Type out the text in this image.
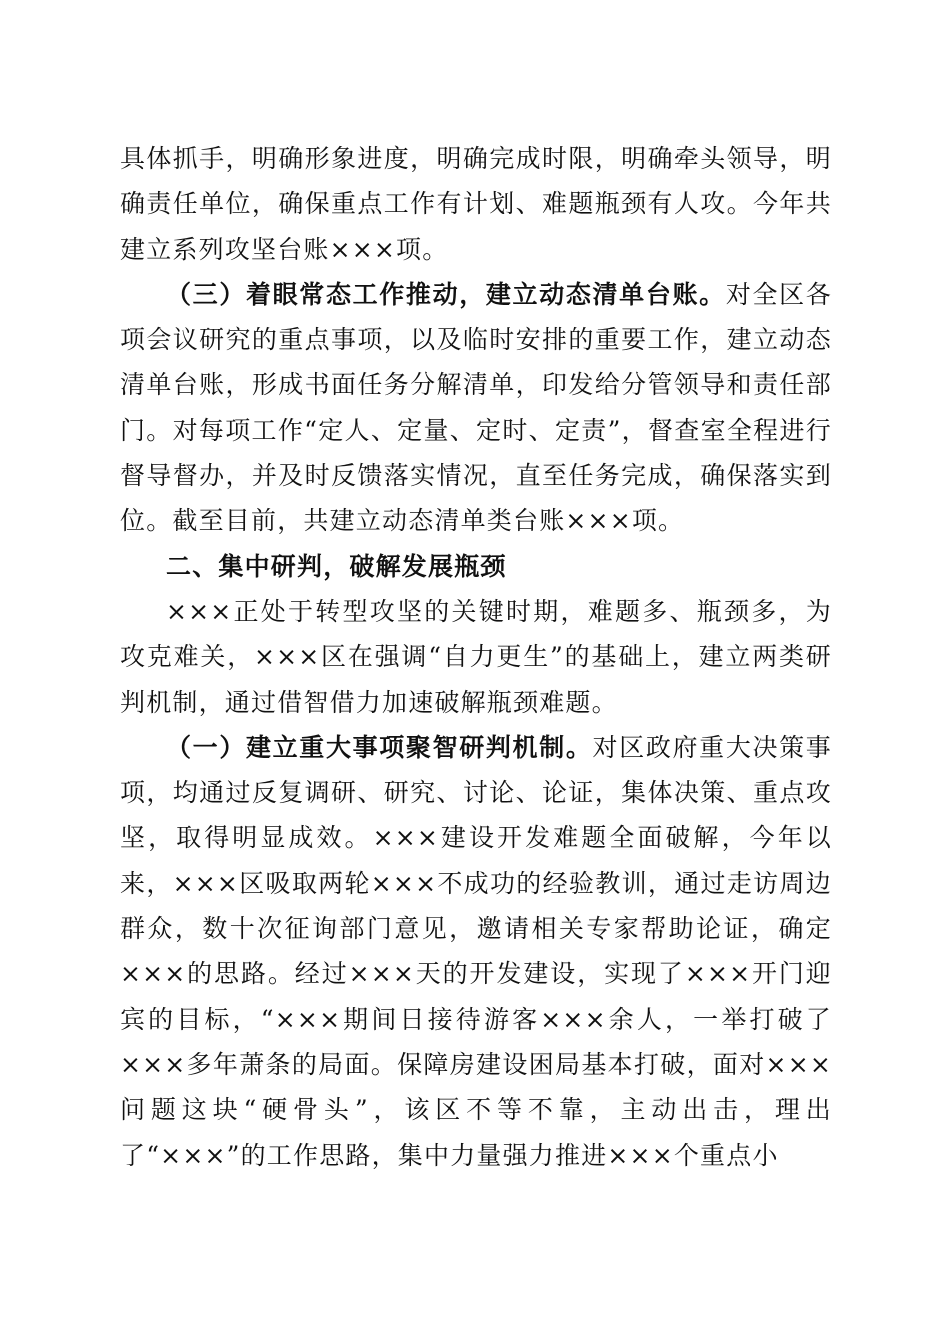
具体抓手，明确形象进度，明确完成时限，明确牵头领导，明确责任单位，确保重点工作有计划、难题瓶颈有人攻。今年共建立系列攻坚台账×××项。

（三）着眼常态工作推动，建立动态清单台账。对全区各项会议研究的重点事项，以及临时安排的重要工作，建立动态清单台账，形成书面任务分解清单，印发给分管领导和责任部门。对每项工作“定人、定量、定时、定责”，督查室全程进行督导督办，并及时反馈落实情况，直至任务完成，确保落实到位。截至目前，共建立动态清单类台账×××项。

二、集中研判，破解发展瓶颈

×××正处于转型攻坚的关键时期，难题多、瓶颈多，为攻克难关，×××区在强调“自力更生”的基础上，建立两类研判机制，通过借智借力加速破解瓶颈难题。

（一）建立重大事项聚智研判机制。对区政府重大决策事项，均通过反复调研、研究、讨论、论证，集体决策、重点攻坚，取得明显成效。×××建设开发难题全面破解，今年以来，×××区吸取两轮×××不成功的经验教训，通过走访周边群众，数十次征询部门意见，邀请相关专家帮助论证，确定×××的思路。经过×××天的开发建设，实现了×××开门迎宾的目标，“×××期间日接待游客×××余人，一举打破了×××多年萧条的局面。保障房建设困局基本打破，面对×××问题这块“硬骨头”，该区不等不靠，主动出击，理出了“×××”的工作思路，集中力量强力推进×××个重点小
